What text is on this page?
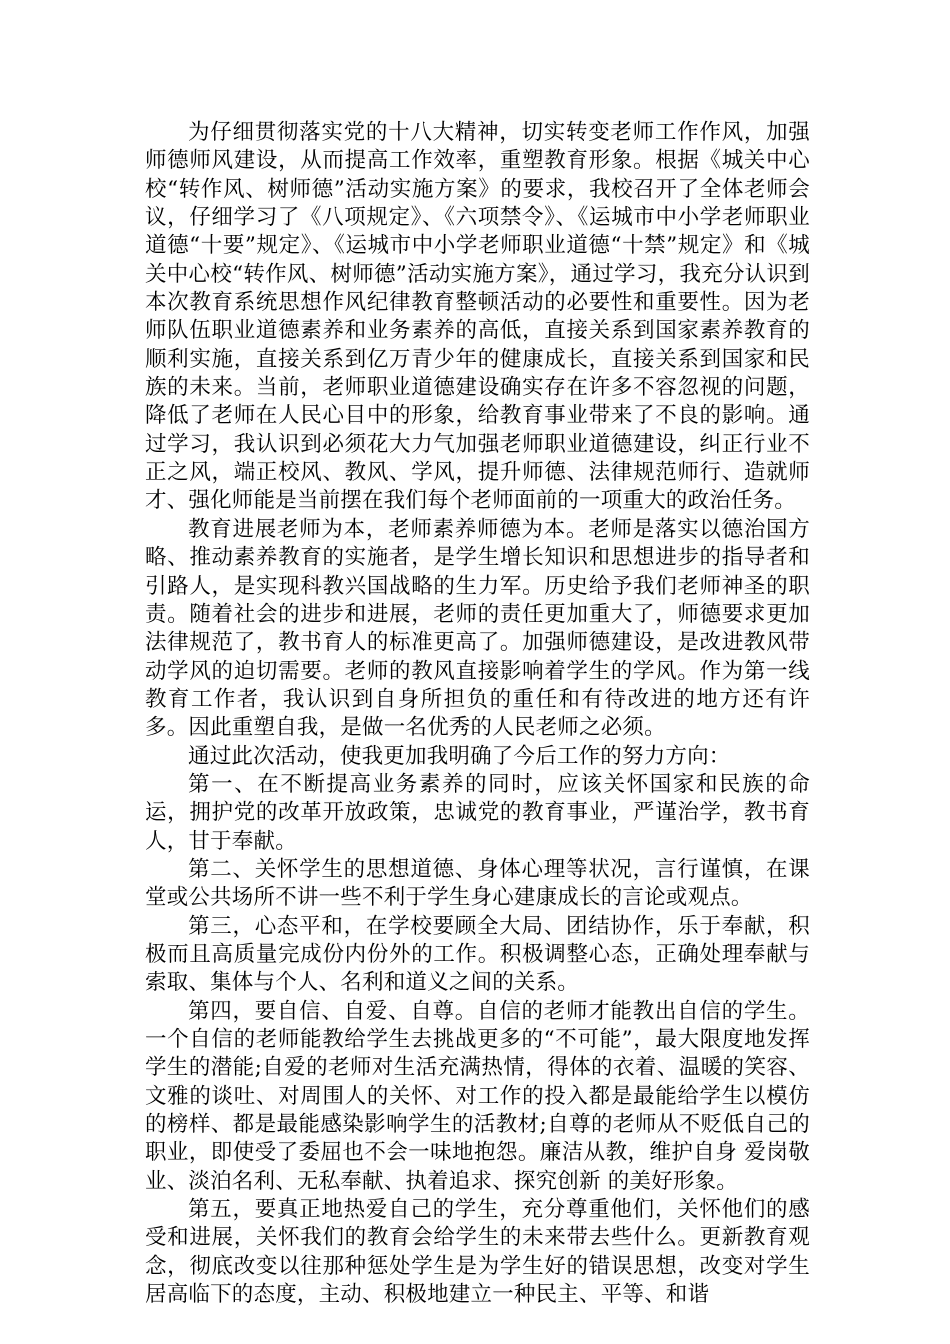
为仔细贯彻落实党的十八大精神，切实转变老师工作作风，加强师德师风建设，从而提高工作效率，重塑教育形象。根据《城关中心校“转作风、树师德”活动实施方案》的要求，我校召开了全体老师会议，仔细学习了《八项规定》、《六项禁令》、《运城市中小学老师职业道德“十要”规定》、《运城市中小学老师职业道德“十禁”规定》和《城关中心校“转作风、树师德”活动实施方案》，通过学习，我充分认识到本次教育系统思想作风纪律教育整顿活动的必要性和重要性。因为老师队伍职业道德素养和业务素养的高低，直接关系到国家素养教育的顺利实施，直接关系到亿万青少年的健康成长，直接关系到国家和民族的未来。当前，老师职业道德建设确实存在许多不容忽视的问题，降低了老师在人民心目中的形象，给教育事业带来了不良的影响。通过学习，我认识到必须花大力气加强老师职业道德建设，纠正行业不正之风，端正校风、教风、学风，提升师德、法律规范师行、造就师才、强化师能是当前摆在我们每个老师面前的一项重大的政治任务。

教育进展老师为本，老师素养师德为本。老师是落实以德治国方略、推动素养教育的实施者，是学生增长知识和思想进步的指导者和引路人，是实现科教兴国战略的生力军。历史给予我们老师神圣的职责。随着社会的进步和进展，老师的责任更加重大了，师德要求更加法律规范了，教书育人的标准更高了。加强师德建设，是改进教风带动学风的迫切需要。老师的教风直接影响着学生的学风。作为第一线教育工作者，我认识到自身所担负的重任和有待改进的地方还有许多。因此重塑自我，是做一名优秀的人民老师之必须。

通过此次活动，使我更加我明确了今后工作的努力方向：

第一、在不断提高业务素养的同时，应该关怀国家和民族的命运，拥护党的改革开放政策，忠诚党的教育事业，严谨治学，教书育人，甘于奉献。

第二、关怀学生的思想道德、身体心理等状况，言行谨慎，在课堂或公共场所不讲一些不利于学生身心建康成长的言论或观点。

第三，心态平和，在学校要顾全大局、团结协作，乐于奉献，积极而且高质量完成份内份外的工作。积极调整心态，正确处理奉献与索取、集体与个人、名利和道义之间的关系。

第四，要自信、自爱、自尊。自信的老师才能教出自信的学生。一个自信的老师能教给学生去挑战更多的“不可能”，最大限度地发挥学生的潜能;自爱的老师对生活充满热情，得体的衣着、温暖的笑容、文雅的谈吐、对周围人的关怀、对工作的投入都是最能给学生以模仿的榜样、都是最能感染影响学生的活教材;自尊的老师从不贬低自己的职业，即使受了委屈也不会一味地抱怨。廉洁从教，维护自身 爱岗敬业、淡泊名利、无私奉献、执着追求、探究创新 的美好形象。

第五，要真正地热爱自己的学生，充分尊重他们，关怀他们的感受和进展，关怀我们的教育会给学生的未来带去些什么。更新教育观念，彻底改变以往那种惩处学生是为学生好的错误思想，改变对学生居高临下的态度，主动、积极地建立一种民主、平等、和谐
